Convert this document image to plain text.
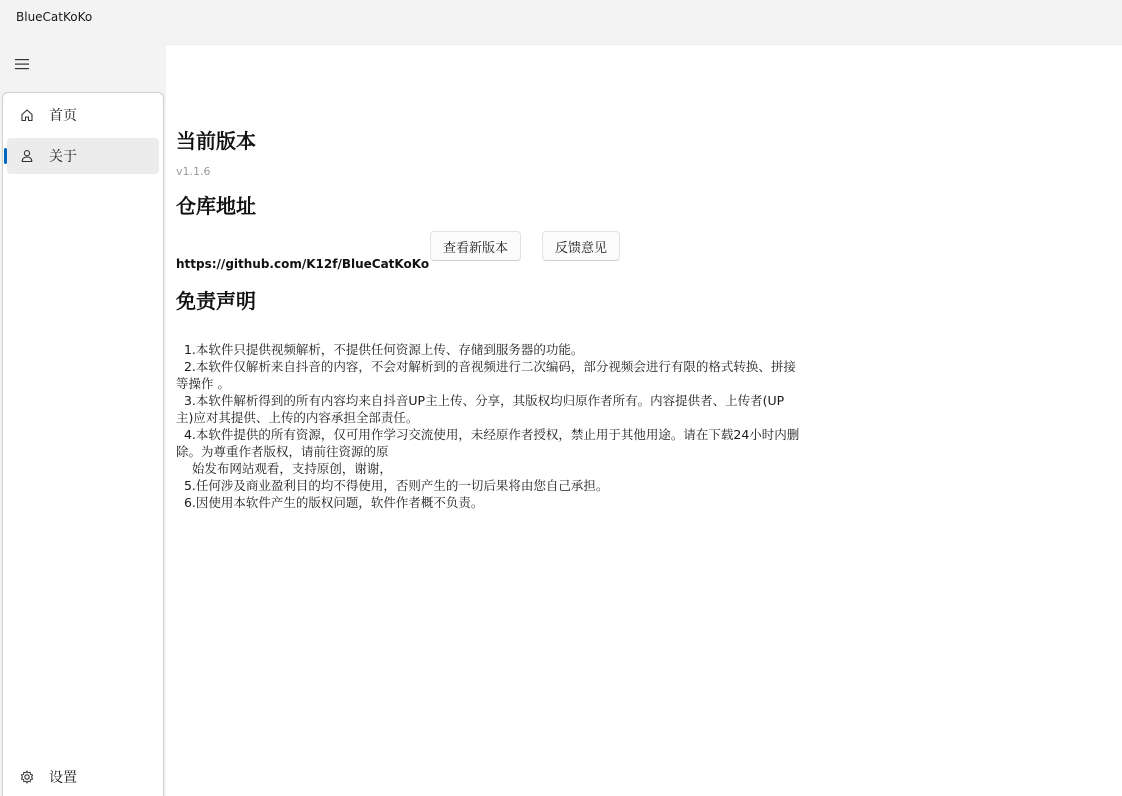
BlueCatKoKo
首页
关于
设置
当前版本
v1.1.6
仓库地址
https://github.com/K12f/BlueCatKoKo
查看新版本	反馈意见
免责声明

1.本软件只提供视频解析，不提供任何资源上传、存储到服务器的功能。

2.本软件仅解析来自抖音的内容，不会对解析到的音视频进行二次编码，部分视频会进行有限的格式转换、拼接等操作 。

3.本软件解析得到的所有内容均来自抖音UP主上传、分享，其版权均归原作者所有。内容提供者、上传者(UP主)应对其提供、上传的内容承担全部责任。

4.本软件提供的所有资源，仅可用作学习交流使用，未经原作者授权，禁止用于其他用途。请在下载24小时内删除。为尊重作者版权，请前往资源的原
始发布网站观看，支持原创，谢谢，

5.任何涉及商业盈利目的均不得使用，否则产生的一切后果将由您自己承担。

6.因使用本软件产生的版权问题，软件作者概不负责。
